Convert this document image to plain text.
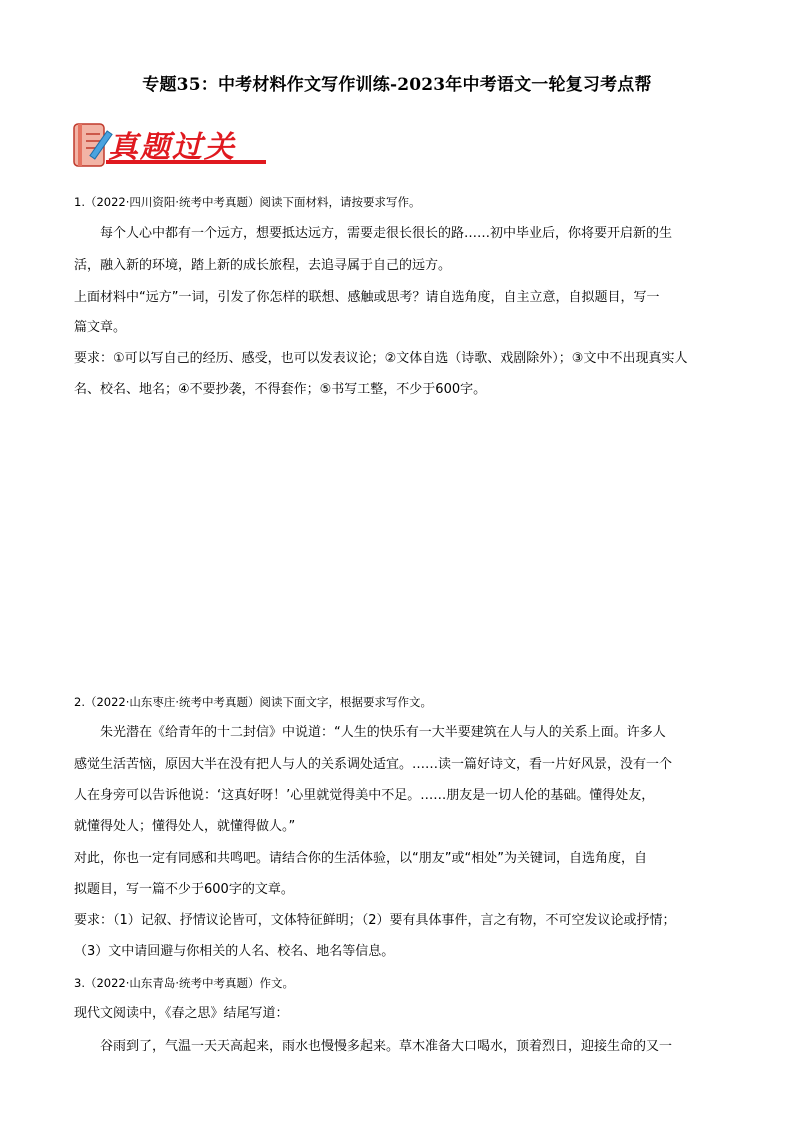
专题35：中考材料作文写作训练-2023年中考语文一轮复习考点帮
真题过关
1.（2022·四川资阳·统考中考真题）阅读下面材料，请按要求写作。
每个人心中都有一个远方，想要抵达远方，需要走很长很长的路……初中毕业后，你将要开启新的生
活，融入新的环境，踏上新的成长旅程，去追寻属于自己的远方。
上面材料中“远方”一词，引发了你怎样的联想、感触或思考？请自选角度，自主立意，自拟题目，写一
篇文章。
要求：①可以写自己的经历、感受，也可以发表议论；②文体自选（诗歌、戏剧除外）；③文中不出现真实人
名、校名、地名；④不要抄袭，不得套作；⑤书写工整，不少于600字。
2.（2022·山东枣庄·统考中考真题）阅读下面文字，根据要求写作文。
朱光潜在《给青年的十二封信》中说道：“人生的快乐有一大半要建筑在人与人的关系上面。许多人
感觉生活苦恼，原因大半在没有把人与人的关系调处适宜。……读一篇好诗文，看一片好风景，没有一个
人在身旁可以告诉他说：‘这真好呀！’心里就觉得美中不足。……朋友是一切人伦的基础。懂得处友，
就懂得处人；懂得处人，就懂得做人。”
对此，你也一定有同感和共鸣吧。请结合你的生活体验，以“朋友”或“相处”为关键词，自选角度，自
拟题目，写一篇不少于600字的文章。
要求：（1）记叙、抒情议论皆可，文体特征鲜明；（2）要有具体事件，言之有物，不可空发议论或抒情；
（3）文中请回避与你相关的人名、校名、地名等信息。
3.（2022·山东青岛·统考中考真题）作文。
现代文阅读中，《春之思》结尾写道：
谷雨到了，气温一天天高起来，雨水也慢慢多起来。草木准备大口喝水，顶着烈日，迎接生命的又一
